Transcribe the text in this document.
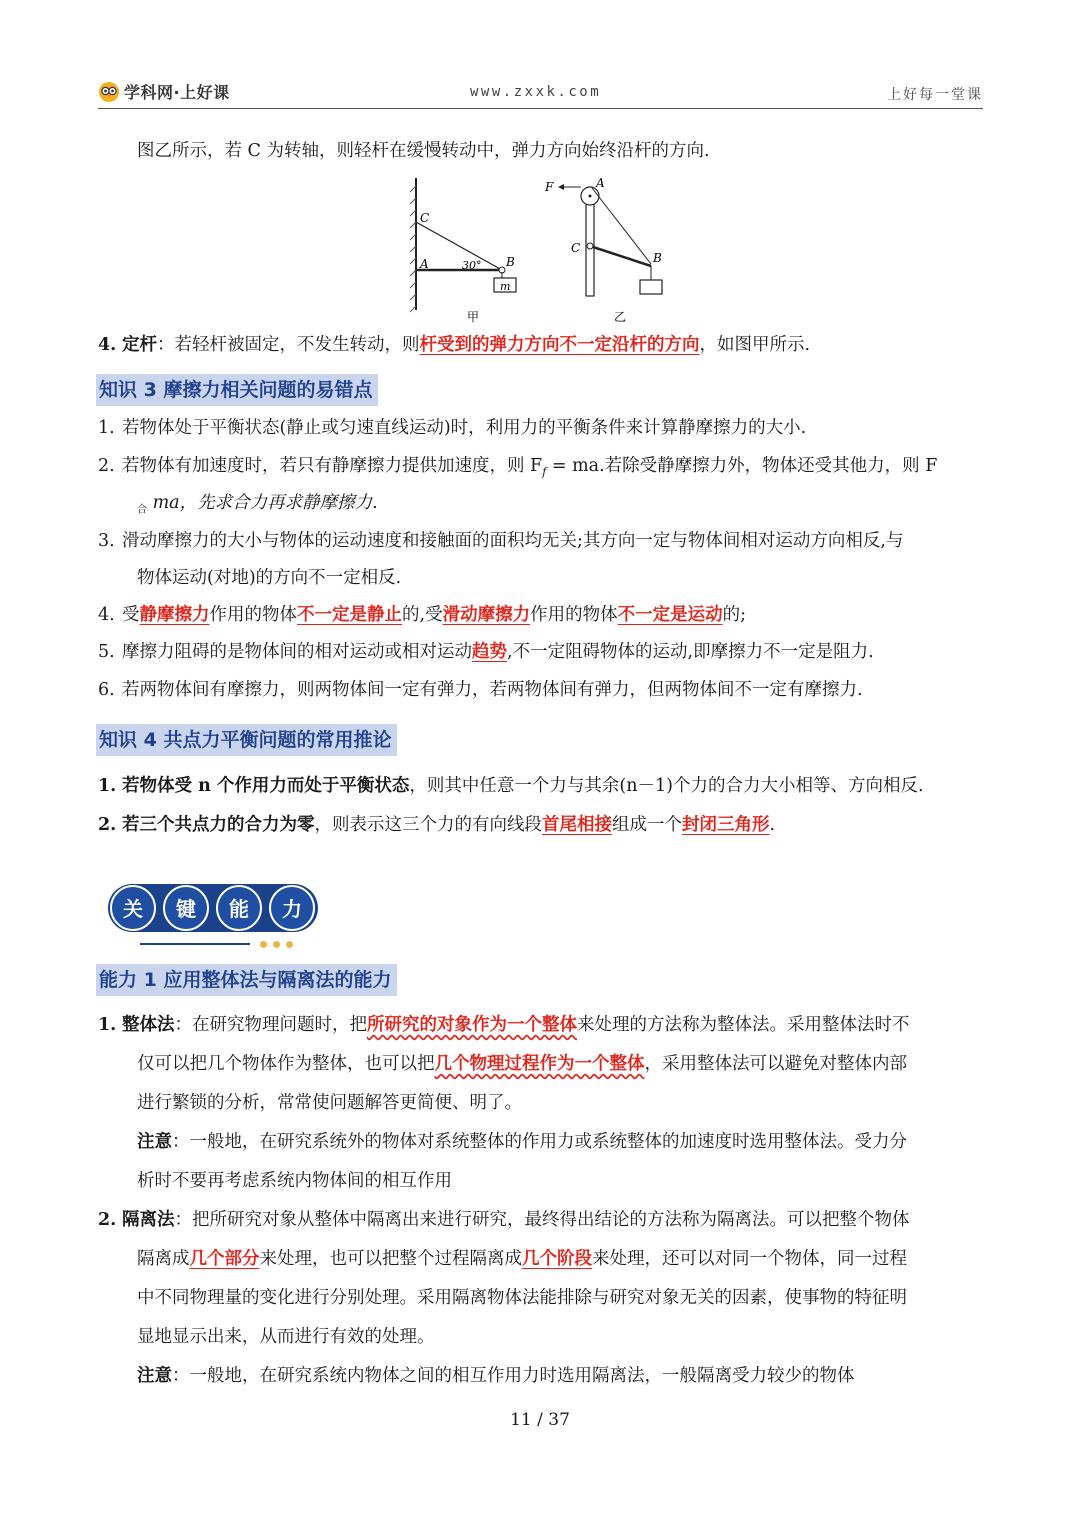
学科网·上好课	www.zxxk.com	上好每一堂课
图乙所示，若 C 为转轴，则轻杆在缓慢转动中，弹力方向始终沿杆的方向.
C
A	B
m
30°
甲
F	A
C
B
乙
4. 定杆：若轻杆被固定，不发生转动，则杆受到的弹力方向不一定沿杆的方向，如图甲所示.
知识 3 摩擦力相关问题的易错点
1. 若物体处于平衡状态(静止或匀速直线运动)时，利用力的平衡条件来计算静摩擦力的大小.
2. 若物体有加速度时，若只有静摩擦力提供加速度，则 $F_f$ = ma.若除受静摩擦力外，物体还受其他力，则 F
$_合$ ma，先求合力再求静摩擦力.
3. 滑动摩擦力的大小与物体的运动速度和接触面的面积均无关;其方向一定与物体间相对运动方向相反,与
物体运动(对地)的方向不一定相反.
4. 受静摩擦力作用的物体不一定是静止的,受滑动摩擦力作用的物体不一定是运动的;
5. 摩擦力阻碍的是物体间的相对运动或相对运动趋势,不一定阻碍物体的运动,即摩擦力不一定是阻力.
6. 若两物体间有摩擦力，则两物体间一定有弹力，若两物体间有弹力，但两物体间不一定有摩擦力.
知识 4 共点力平衡问题的常用推论
1. 若物体受 n 个作用力而处于平衡状态，则其中任意一个力与其余(n－1)个力的合力大小相等、方向相反.
2. 若三个共点力的合力为零，则表示这三个力的有向线段首尾相接组成一个封闭三角形.
关	键	能	力
能力 1 应用整体法与隔离法的能力
1. 整体法：在研究物理问题时，把所研究的对象作为一个整体来处理的方法称为整体法。采用整体法时不
仅可以把几个物体作为整体，也可以把几个物理过程作为一个整体，采用整体法可以避免对整体内部
进行繁锁的分析，常常使问题解答更简便、明了。
注意：一般地，在研究系统外的物体对系统整体的作用力或系统整体的加速度时选用整体法。受力分
析时不要再考虑系统内物体间的相互作用
2. 隔离法：把所研究对象从整体中隔离出来进行研究，最终得出结论的方法称为隔离法。可以把整个物体
隔离成几个部分来处理，也可以把整个过程隔离成几个阶段来处理，还可以对同一个物体，同一过程
中不同物理量的变化进行分别处理。采用隔离物体法能排除与研究对象无关的因素，使事物的特征明
显地显示出来，从而进行有效的处理。
注意：一般地，在研究系统内物体之间的相互作用力时选用隔离法，一般隔离受力较少的物体
11 / 37
